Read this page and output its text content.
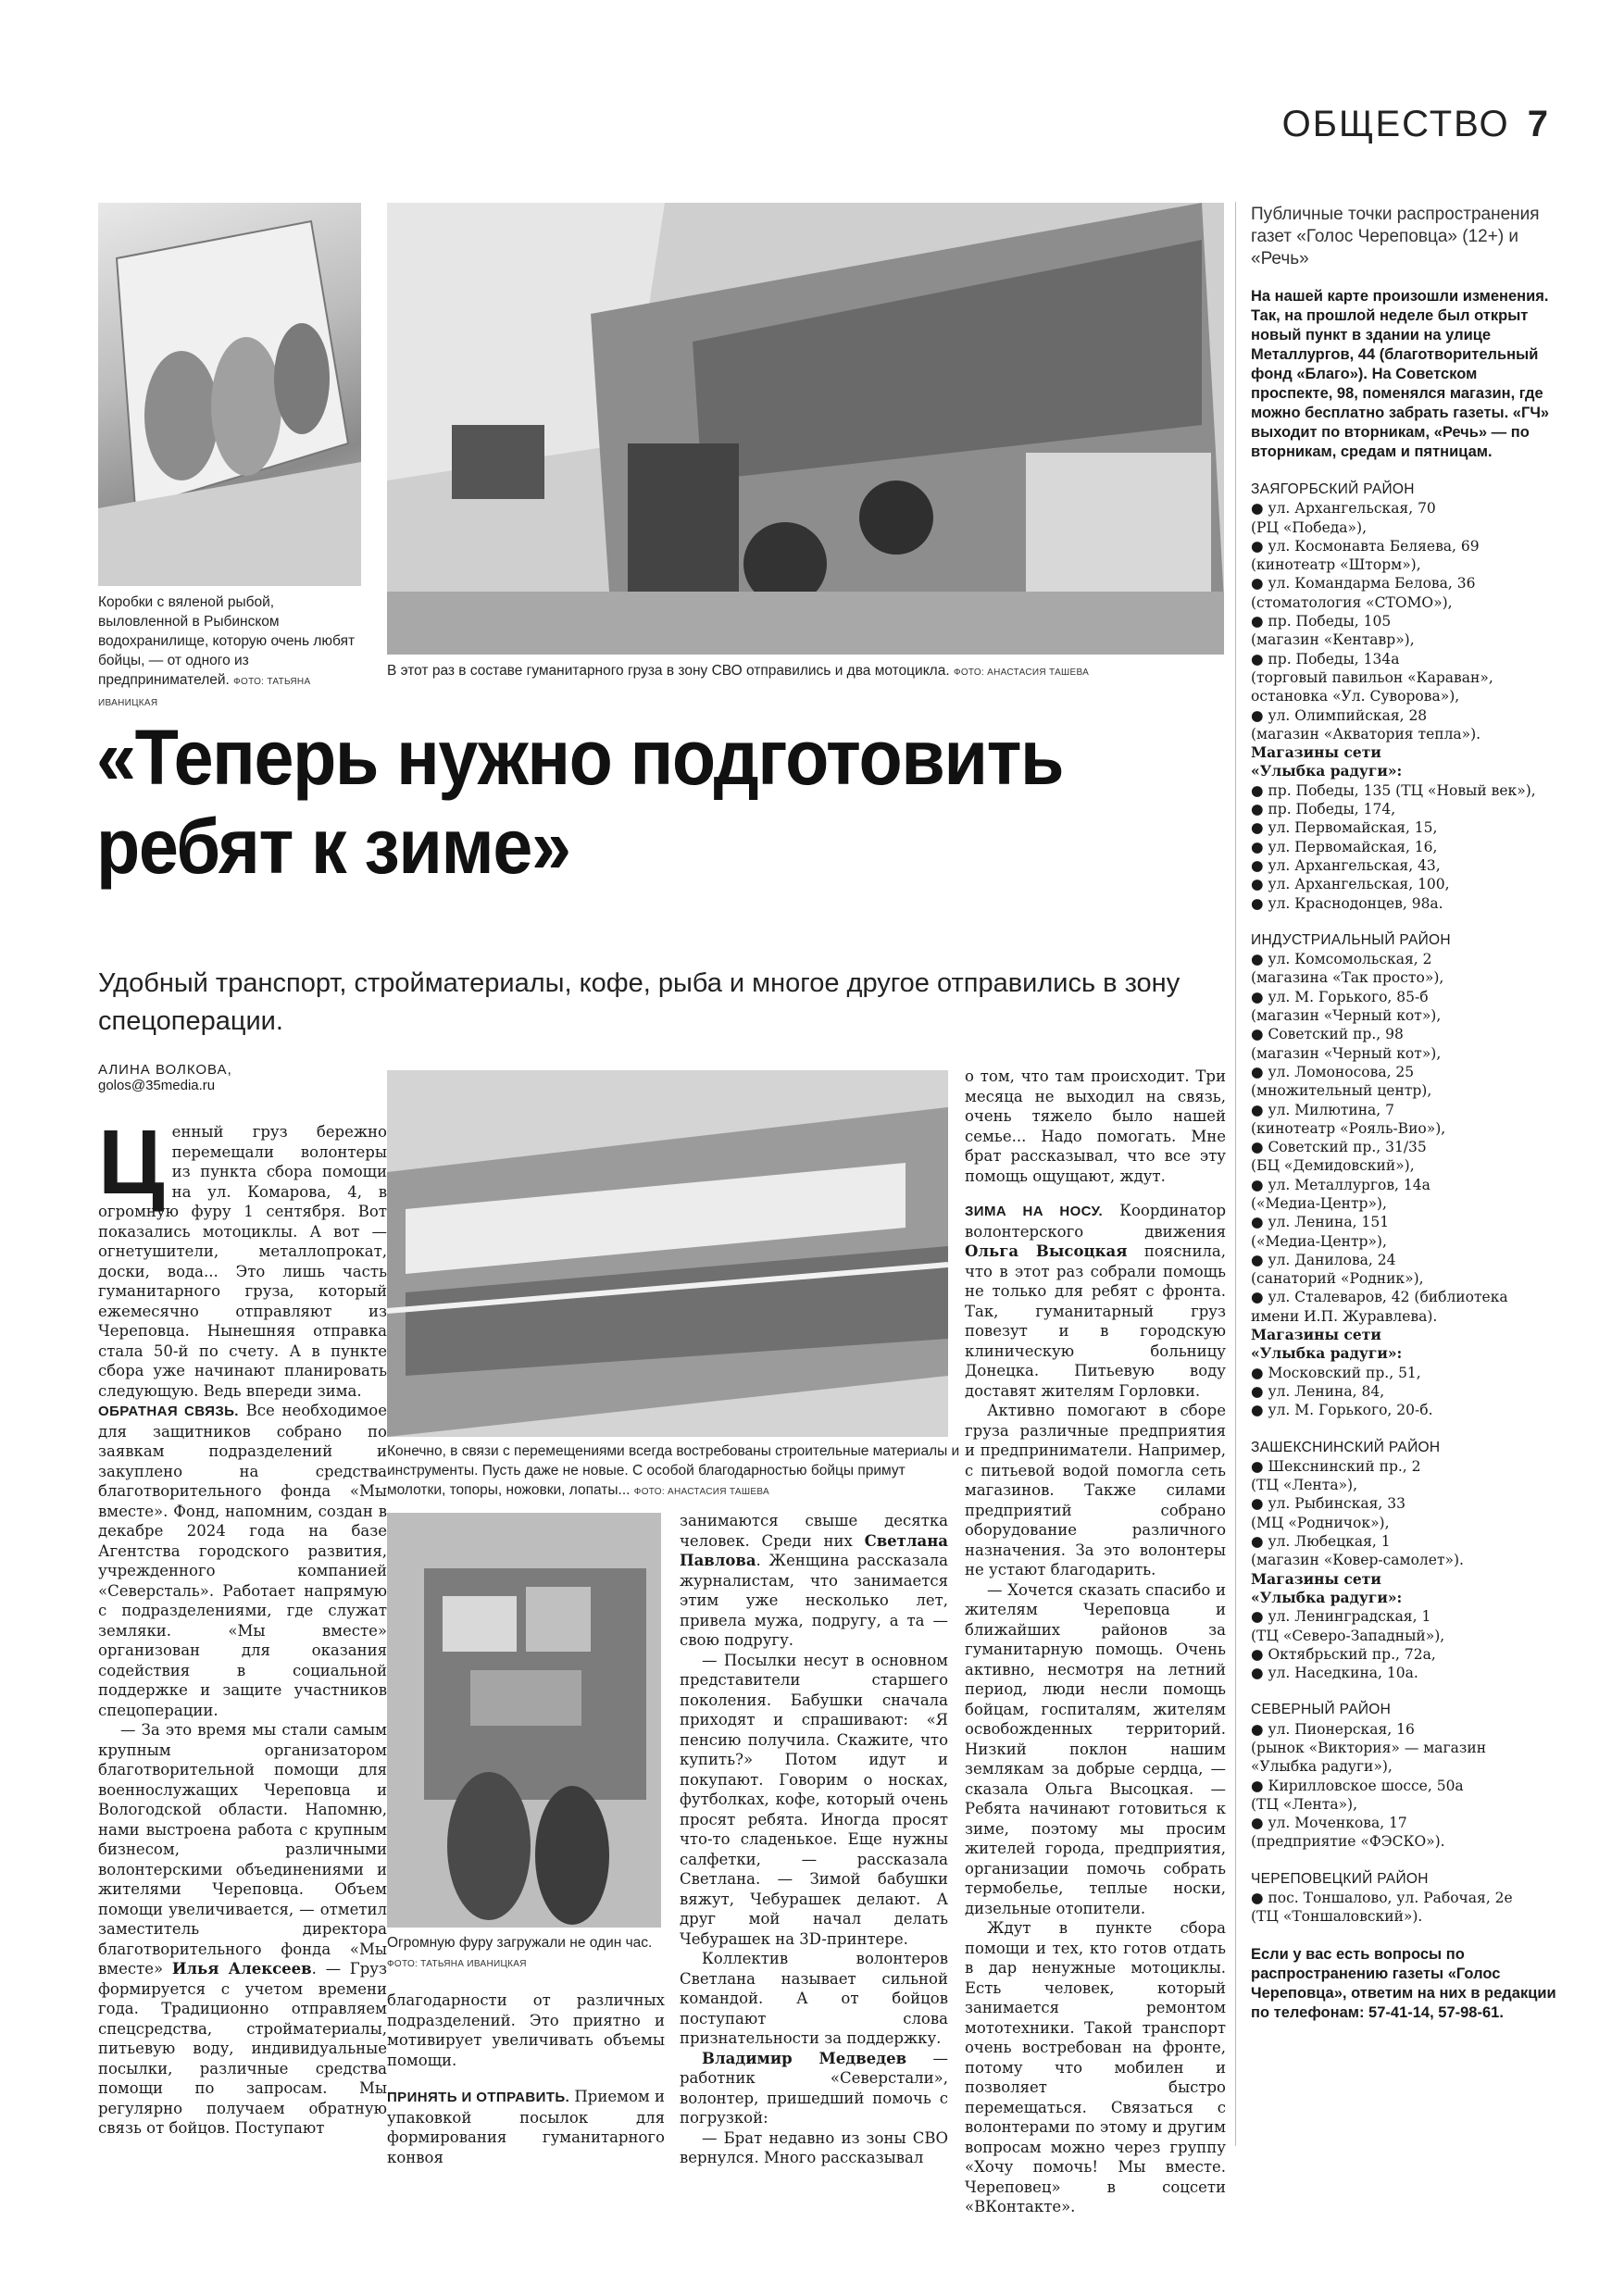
ОБЩЕСТВО 7
Коробки с вяленой рыбой, выловленной в Рыбинском водохранилище, которую очень любят бойцы, — от одного из предпринимателей. ФОТО: ТАТЬЯНА ИВАНИЦКАЯ
В этот раз в составе гуманитарного груза в зону СВО отправились и два мотоцикла. ФОТО: АНАСТАСИЯ ТАШЕВА
«Теперь нужно подготовить
ребят к зиме»
Удобный транспорт, стройматериалы, кофе, рыба и многое другое отправились в зону спецоперации.
АЛИНА ВОЛКОВА,
golos@35media.ru

Ценный груз бережно перемещали волонтеры из пункта сбора помощи на ул. Комарова, 4, в огромную фуру 1 сентября. Вот показались мотоциклы. А вот — огнетушители, металлопрокат, доски, вода... Это лишь часть гуманитарного груза, который ежемесячно отправляют из Череповца. Нынешняя отправка стала 50-й по счету. А в пункте сбора уже начинают планировать следующую. Ведь впереди зима.

ОБРАТНАЯ СВЯЗЬ. Все необходимое для защитников собрано по заявкам подразделений и закуплено на средства благотворительного фонда «Мы вместе». Фонд, напомним, создан в декабре 2024 года на базе Агентства городского развития, учрежденного компанией «Северсталь». Работает напрямую с подразделениями, где служат земляки. «Мы вместе» организован для оказания содействия в социальной поддержке и защите участников спецоперации.

— За это время мы стали самым крупным организатором благотворительной помощи для военнослужащих Череповца и Вологодской области. Напомню, нами выстроена работа с крупным бизнесом, различными волонтерскими объединениями и жителями Череповца. Объем помощи увеличивается, — отметил заместитель директора благотворительного фонда «Мы вместе» Илья Алексеев. — Груз формируется с учетом времени года. Традиционно отправляем спецсредства, стройматериалы, питьевую воду, индивидуальные посылки, различные средства помощи по запросам. Мы регулярно получаем обратную связь от бойцов. Поступают

Конечно, в связи с перемещениями всегда востребованы строительные материалы и инструменты. Пусть даже не новые. С особой благодарностью бойцы примут молотки, топоры, ножовки, лопаты... ФОТО: АНАСТАСИЯ ТАШЕВА
Огромную фуру загружали не один час. ФОТО: ТАТЬЯНА ИВАНИЦКАЯ

благодарности от различных подразделений. Это приятно и мотивирует увеличивать объемы помощи.

ПРИНЯТЬ И ОТПРАВИТЬ. Приемом и упаковкой посылок для формирования гуманитарного конвоя

занимаются свыше десятка человек. Среди них Светлана Павлова. Женщина рассказала журналистам, что занимается этим уже несколько лет, привела мужа, подругу, а та — свою подругу.

— Посылки несут в основном представители старшего поколения. Бабушки сначала приходят и спрашивают: «Я пенсию получила. Скажите, что купить?» Потом идут и покупают. Говорим о носках, футболках, кофе, который очень просят ребята. Иногда просят что-то сладенькое. Еще нужны салфетки, — рассказала Светлана. — Зимой бабушки вяжут, Чебурашек делают. А друг мой начал делать Чебурашек на 3D-принтере.

Коллектив волонтеров Светлана называет сильной командой. А от бойцов поступают слова признательности за поддержку.

Владимир Медведев — работник «Северстали», волонтер, пришедший помочь с погрузкой:

— Брат недавно из зоны СВО вернулся. Много рассказывал

о том, что там происходит. Три месяца не выходил на связь, очень тяжело было нашей семье... Надо помогать. Мне брат рассказывал, что все эту помощь ощущают, ждут.

ЗИМА НА НОСУ. Координатор волонтерского движения Ольга Высоцкая пояснила, что в этот раз собрали помощь не только для ребят с фронта. Так, гуманитарный груз повезут и в городскую клиническую больницу Донецка. Питьевую воду доставят жителям Горловки.

Активно помогают в сборе груза различные предприятия и предприниматели. Например, с питьевой водой помогла сеть магазинов. Также силами предприятий собрано оборудование различного назначения. За это волонтеры не устают благодарить.

— Хочется сказать спасибо и жителям Череповца и ближайших районов за гуманитарную помощь. Очень активно, несмотря на летний период, люди несли помощь бойцам, госпиталям, жителям освобожденных территорий. Низкий поклон нашим землякам за добрые сердца, — сказала Ольга Высоцкая. — Ребята начинают готовиться к зиме, поэтому мы просим жителей города, предприятия, организации помочь собрать термобелье, теплые носки, дизельные отопители.

Ждут в пункте сбора помощи и тех, кто готов отдать в дар ненужные мотоциклы. Есть человек, который занимается ремонтом мототехники. Такой транспорт очень востребован на фронте, потому что мобилен и позволяет быстро перемещаться. Связаться с волонтерами по этому и другим вопросам можно через группу «Хочу помочь! Мы вместе. Череповец» в соцсети «ВКонтакте».

Публичные точки распространения газет «Голос Череповца» (12+) и «Речь»
На нашей карте произошли изменения. Так, на прошлой неделе был открыт новый пункт в здании на улице Металлургов, 44 (благотворительный фонд «Благо»). На Советском проспекте, 98, поменялся магазин, где можно бесплатно забрать газеты. «ГЧ» выходит по вторникам, «Речь» — по вторникам, средам и пятницам.
ЗАЯГОРБСКИЙ РАЙОН
● ул. Архангельская, 70
(РЦ «Победа»),
● ул. Космонавта Беляева, 69
(кинотеатр «Шторм»),
● ул. Командарма Белова, 36
(стоматология «СТОМО»),
● пр. Победы, 105
(магазин «Кентавр»),
● пр. Победы, 134а
(торговый павильон «Караван»,
остановка «Ул. Суворова»),
● ул. Олимпийская, 28
(магазин «Акватория тепла»).
Магазины сети
«Улыбка радуги»:
● пр. Победы, 135 (ТЦ «Новый век»),
● пр. Победы, 174,
● ул. Первомайская, 15,
● ул. Первомайская, 16,
● ул. Архангельская, 43,
● ул. Архангельская, 100,
● ул. Краснодонцев, 98а.
ИНДУСТРИАЛЬНЫЙ РАЙОН
● ул. Комсомольская, 2
(магазина «Так просто»),
● ул. М. Горького, 85-б
(магазин «Черный кот»),
● Советский пр., 98
(магазин «Черный кот»),
● ул. Ломоносова, 25
(множительный центр),
● ул. Милютина, 7
(кинотеатр «Рояль-Вио»),
● Советский пр., 31/35
(БЦ «Демидовский»),
● ул. Металлургов, 14а
(«Медиа-Центр»),
● ул. Ленина, 151
(«Медиа-Центр»),
● ул. Данилова, 24
(санаторий «Родник»),
● ул. Сталеваров, 42 (библиотека
имени И.П. Журавлева).
Магазины сети
«Улыбка радуги»:
● Московский пр., 51,
● ул. Ленина, 84,
● ул. М. Горького, 20-б.
ЗАШЕКСНИНСКИЙ РАЙОН
● Шекснинский пр., 2
(ТЦ «Лента»),
● ул. Рыбинская, 33
(МЦ «Родничок»),
● ул. Любецкая, 1
(магазин «Ковер-самолет»).
Магазины сети
«Улыбка радуги»:
● ул. Ленинградская, 1
(ТЦ «Северо-Западный»),
● Октябрьский пр., 72а,
● ул. Наседкина, 10а.
СЕВЕРНЫЙ РАЙОН
● ул. Пионерская, 16
(рынок «Виктория» — магазин
«Улыбка радуги»),
● Кирилловское шоссе, 50а
(ТЦ «Лента»),
● ул. Моченкова, 17
(предприятие «ФЭСКО»).
ЧЕРЕПОВЕЦКИЙ РАЙОН
● пос. Тоншалово, ул. Рабочая, 2е
(ТЦ «Тоншаловский»).
Если у вас есть вопросы по распространению газеты «Голос Череповца», ответим на них в редакции по телефонам: 57-41-14, 57-98-61.
